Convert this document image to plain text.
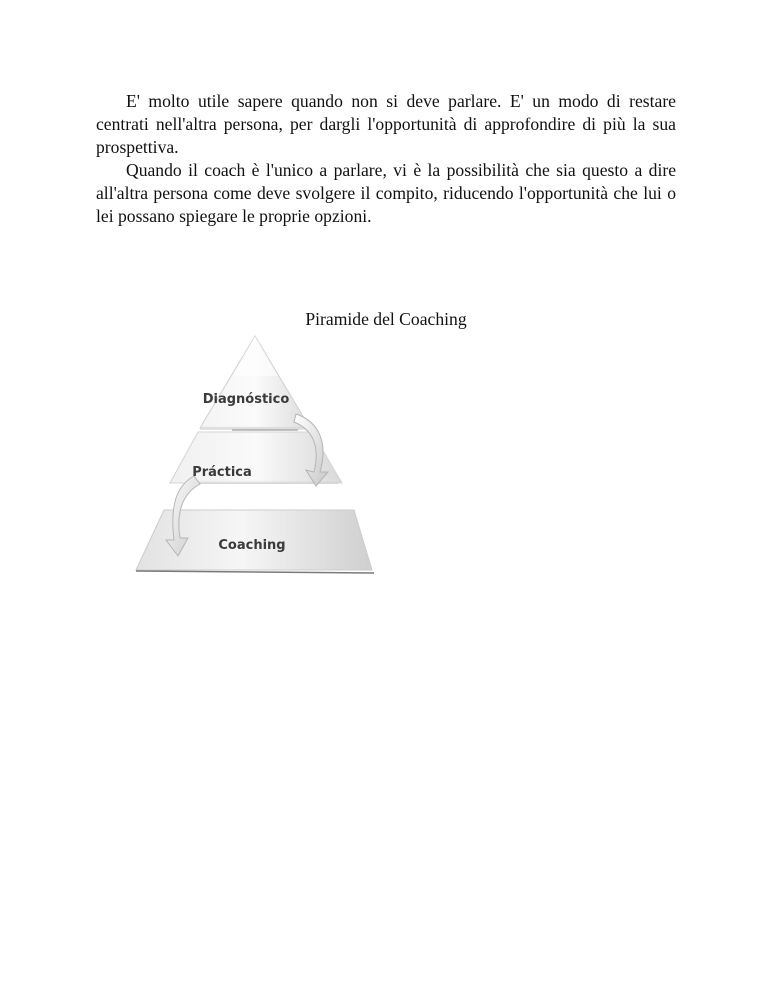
E' molto utile sapere quando non si deve parlare. E' un modo di restare centrati nell'altra persona, per dargli l'opportunità di approfondire di più la sua prospettiva.

Quando il coach è l'unico a parlare, vi è la possibilità che sia questo a dire all'altra persona come deve svolgere il compito, riducendo l'opportunità che lui o lei possano spiegare le proprie opzioni.

Piramide del Coaching
Diagnóstico
Práctica
Coaching
